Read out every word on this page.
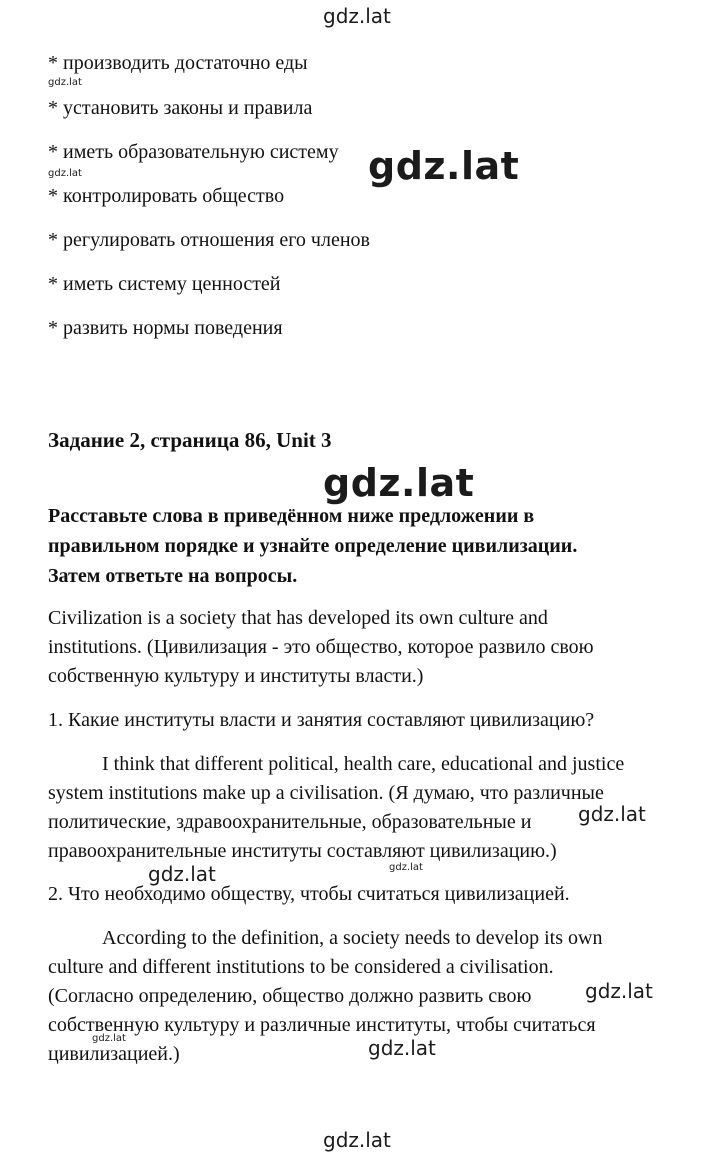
gdz.lat

gdz.lat

gdz.lat

gdz.lat

gdz.lat

gdz.lat

gdz.lat	gdz.lat

gdz.lat

gdz.lat	gdz.lat

gdz.lat

* производить достаточно еды

* установить законы и правила

* иметь образовательную систему

* контролировать общество

* регулировать отношения его членов

* иметь систему ценностей

* развить нормы поведения

Задание 2, страница 86, Unit 3

Расставьте слова в приведённом ниже предложении в

правильном порядке и узнайте определение цивилизации.

Затем ответьте на вопросы.

Civilization is a society that has developed its own culture and

institutions. (Цивилизация - это общество, которое развило свою

собственную культуру и институты власти.)

1. Какие институты власти и занятия составляют цивилизацию?

I think that different political, health care, educational and justice

system institutions make up a civilisation. (Я думаю, что различные

политические, здравоохранительные, образовательные и

правоохранительные институты составляют цивилизацию.)

2. Что необходимо обществу, чтобы считаться цивилизацией.

According to the definition, a society needs to develop its own

culture and different institutions to be considered a civilisation.

(Согласно определению, общество должно развить свою

собственную культуру и различные институты, чтобы считаться

цивилизацией.)
